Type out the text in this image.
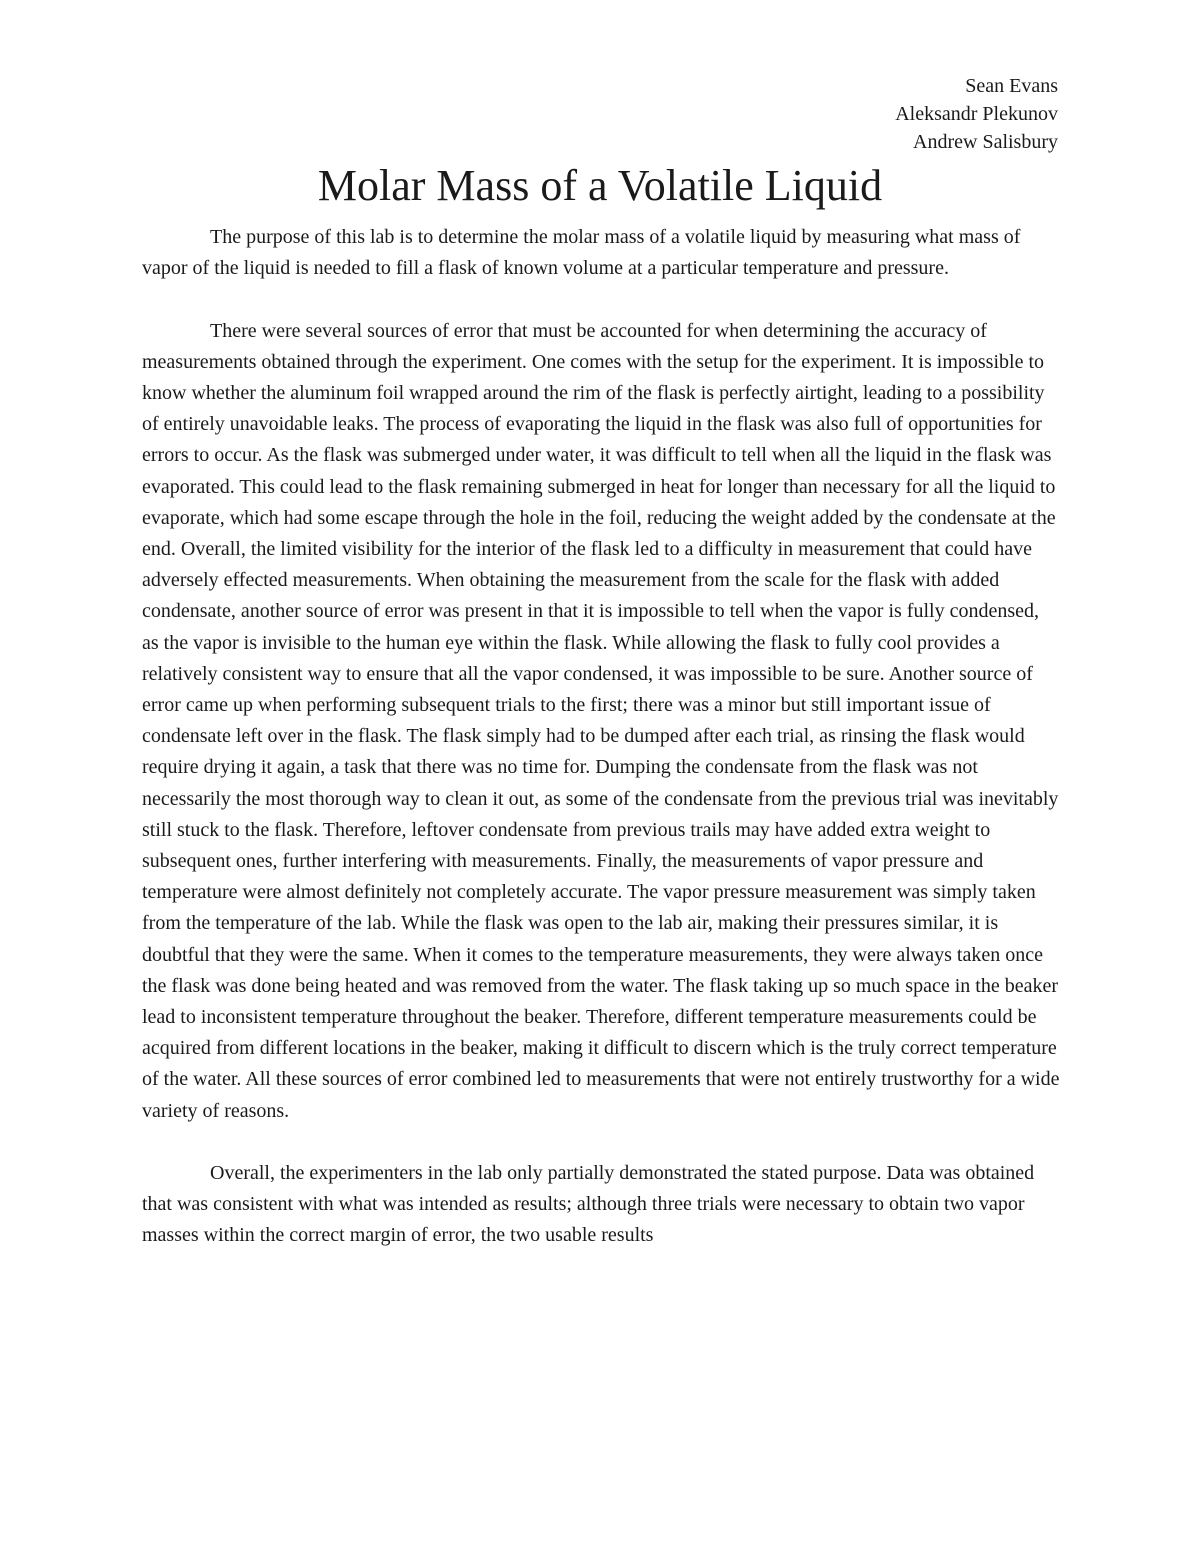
Sean Evans
Aleksandr Plekunov
Andrew Salisbury
Molar Mass of a Volatile Liquid

The purpose of this lab is to determine the molar mass of a volatile liquid by measuring what mass of vapor of the liquid is needed to fill a flask of known volume at a particular temperature and pressure.

There were several sources of error that must be accounted for when determining the accuracy of measurements obtained through the experiment. One comes with the setup for the experiment. It is impossible to know whether the aluminum foil wrapped around the rim of the flask is perfectly airtight, leading to a possibility of entirely unavoidable leaks. The process of evaporating the liquid in the flask was also full of opportunities for errors to occur. As the flask was submerged under water, it was difficult to tell when all the liquid in the flask was evaporated. This could lead to the flask remaining submerged in heat for longer than necessary for all the liquid to evaporate, which had some escape through the hole in the foil, reducing the weight added by the condensate at the end. Overall, the limited visibility for the interior of the flask led to a difficulty in measurement that could have adversely effected measurements. When obtaining the measurement from the scale for the flask with added condensate, another source of error was present in that it is impossible to tell when the vapor is fully condensed, as the vapor is invisible to the human eye within the flask. While allowing the flask to fully cool provides a relatively consistent way to ensure that all the vapor condensed, it was impossible to be sure. Another source of error came up when performing subsequent trials to the first; there was a minor but still important issue of condensate left over in the flask. The flask simply had to be dumped after each trial, as rinsing the flask would require drying it again, a task that there was no time for. Dumping the condensate from the flask was not necessarily the most thorough way to clean it out, as some of the condensate from the previous trial was inevitably still stuck to the flask. Therefore, leftover condensate from previous trails may have added extra weight to subsequent ones, further interfering with measurements. Finally, the measurements of vapor pressure and temperature were almost definitely not completely accurate. The vapor pressure measurement was simply taken from the temperature of the lab. While the flask was open to the lab air, making their pressures similar, it is doubtful that they were the same. When it comes to the temperature measurements, they were always taken once the flask was done being heated and was removed from the water. The flask taking up so much space in the beaker lead to inconsistent temperature throughout the beaker. Therefore, different temperature measurements could be acquired from different locations in the beaker, making it difficult to discern which is the truly correct temperature of the water. All these sources of error combined led to measurements that were not entirely trustworthy for a wide variety of reasons.

Overall, the experimenters in the lab only partially demonstrated the stated purpose. Data was obtained that was consistent with what was intended as results; although three trials were necessary to obtain two vapor masses within the correct margin of error, the two usable results
